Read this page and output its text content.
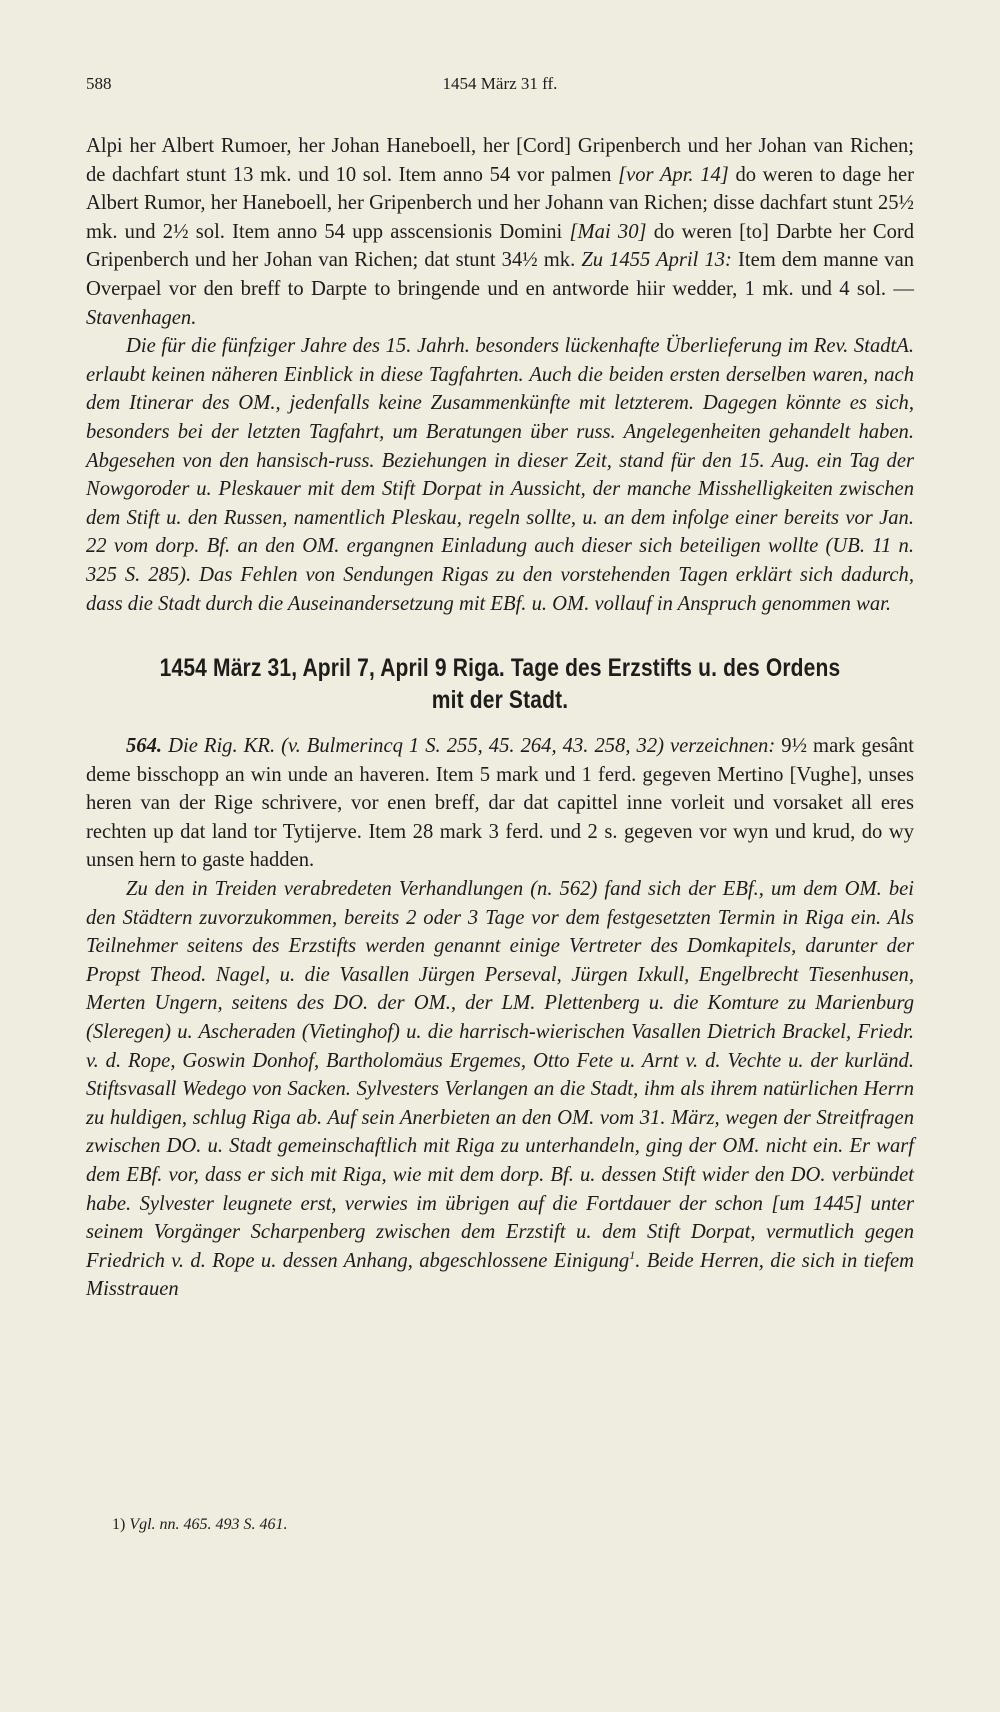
588	1454 März 31 ff.

Alpi her Albert Rumoer, her Johan Haneboell, her [Cord] Gripenberch und her Johan van Richen; de dachfart stunt 13 mk. und 10 sol. Item anno 54 vor palmen [vor Apr. 14] do weren to dage her Albert Rumor, her Haneboell, her Gripenberch und her Johann van Richen; disse dachfart stunt 25½ mk. und 2½ sol. Item anno 54 upp asscensionis Domini [Mai 30] do weren [to] Darbte her Cord Gripenberch und her Johan van Richen; dat stunt 34½ mk. Zu 1455 April 13: Item dem manne van Overpael vor den breff to Darpte to bringende und en antworde hiir wedder, 1 mk. und 4 sol. — Stavenhagen.

Die für die fünfziger Jahre des 15. Jahrh. besonders lückenhafte Überlieferung im Rev. StadtA. erlaubt keinen näheren Einblick in diese Tagfahrten. Auch die beiden ersten derselben waren, nach dem Itinerar des OM., jedenfalls keine Zusammenkünfte mit letzterem. Dagegen könnte es sich, besonders bei der letzten Tagfahrt, um Beratungen über russ. Angelegenheiten gehandelt haben. Abgesehen von den hansisch-russ. Beziehungen in dieser Zeit, stand für den 15. Aug. ein Tag der Nowgoroder u. Pleskauer mit dem Stift Dorpat in Aussicht, der manche Misshelligkeiten zwischen dem Stift u. den Russen, namentlich Pleskau, regeln sollte, u. an dem infolge einer bereits vor Jan. 22 vom dorp. Bf. an den OM. ergangnen Einladung auch dieser sich beteiligen wollte (UB. 11 n. 325 S. 285). Das Fehlen von Sendungen Rigas zu den vorstehenden Tagen erklärt sich dadurch, dass die Stadt durch die Auseinandersetzung mit EBf. u. OM. vollauf in Anspruch genommen war.

1454 März 31, April 7, April 9 Riga. Tage des Erzstifts u. des Ordens
mit der Stadt.

564. Die Rig. KR. (v. Bulmerincq 1 S. 255, 45. 264, 43. 258, 32) verzeichnen: 9½ mark gesânt deme bisschopp an win unde an haveren. Item 5 mark und 1 ferd. gegeven Mertino [Vughe], unses heren van der Rige schrivere, vor enen breff, dar dat capittel inne vorleit und vorsaket all eres rechten up dat land tor Tytijerve. Item 28 mark 3 ferd. und 2 s. gegeven vor wyn und krud, do wy unsen hern to gaste hadden.

Zu den in Treiden verabredeten Verhandlungen (n. 562) fand sich der EBf., um dem OM. bei den Städtern zuvorzukommen, bereits 2 oder 3 Tage vor dem festgesetzten Termin in Riga ein. Als Teilnehmer seitens des Erzstifts werden genannt einige Vertreter des Domkapitels, darunter der Propst Theod. Nagel, u. die Vasallen Jürgen Perseval, Jürgen Ixkull, Engelbrecht Tiesenhusen, Merten Ungern, seitens des DO. der OM., der LM. Plettenberg u. die Komture zu Marienburg (Sleregen) u. Ascheraden (Vietinghof) u. die harrisch-wierischen Vasallen Dietrich Brackel, Friedr. v. d. Rope, Goswin Donhof, Bartholomäus Ergemes, Otto Fete u. Arnt v. d. Vechte u. der kurländ. Stiftsvasall Wedego von Sacken. Sylvesters Verlangen an die Stadt, ihm als ihrem natürlichen Herrn zu huldigen, schlug Riga ab. Auf sein Anerbieten an den OM. vom 31. März, wegen der Streitfragen zwischen DO. u. Stadt gemeinschaftlich mit Riga zu unterhandeln, ging der OM. nicht ein. Er warf dem EBf. vor, dass er sich mit Riga, wie mit dem dorp. Bf. u. dessen Stift wider den DO. verbündet habe. Sylvester leugnete erst, verwies im übrigen auf die Fortdauer der schon [um 1445] unter seinem Vorgänger Scharpenberg zwischen dem Erzstift u. dem Stift Dorpat, vermutlich gegen Friedrich v. d. Rope u. dessen Anhang, abgeschlossene Einigung$^1$. Beide Herren, die sich in tiefem Misstrauen

1) Vgl. nn. 465. 493 S. 461.
